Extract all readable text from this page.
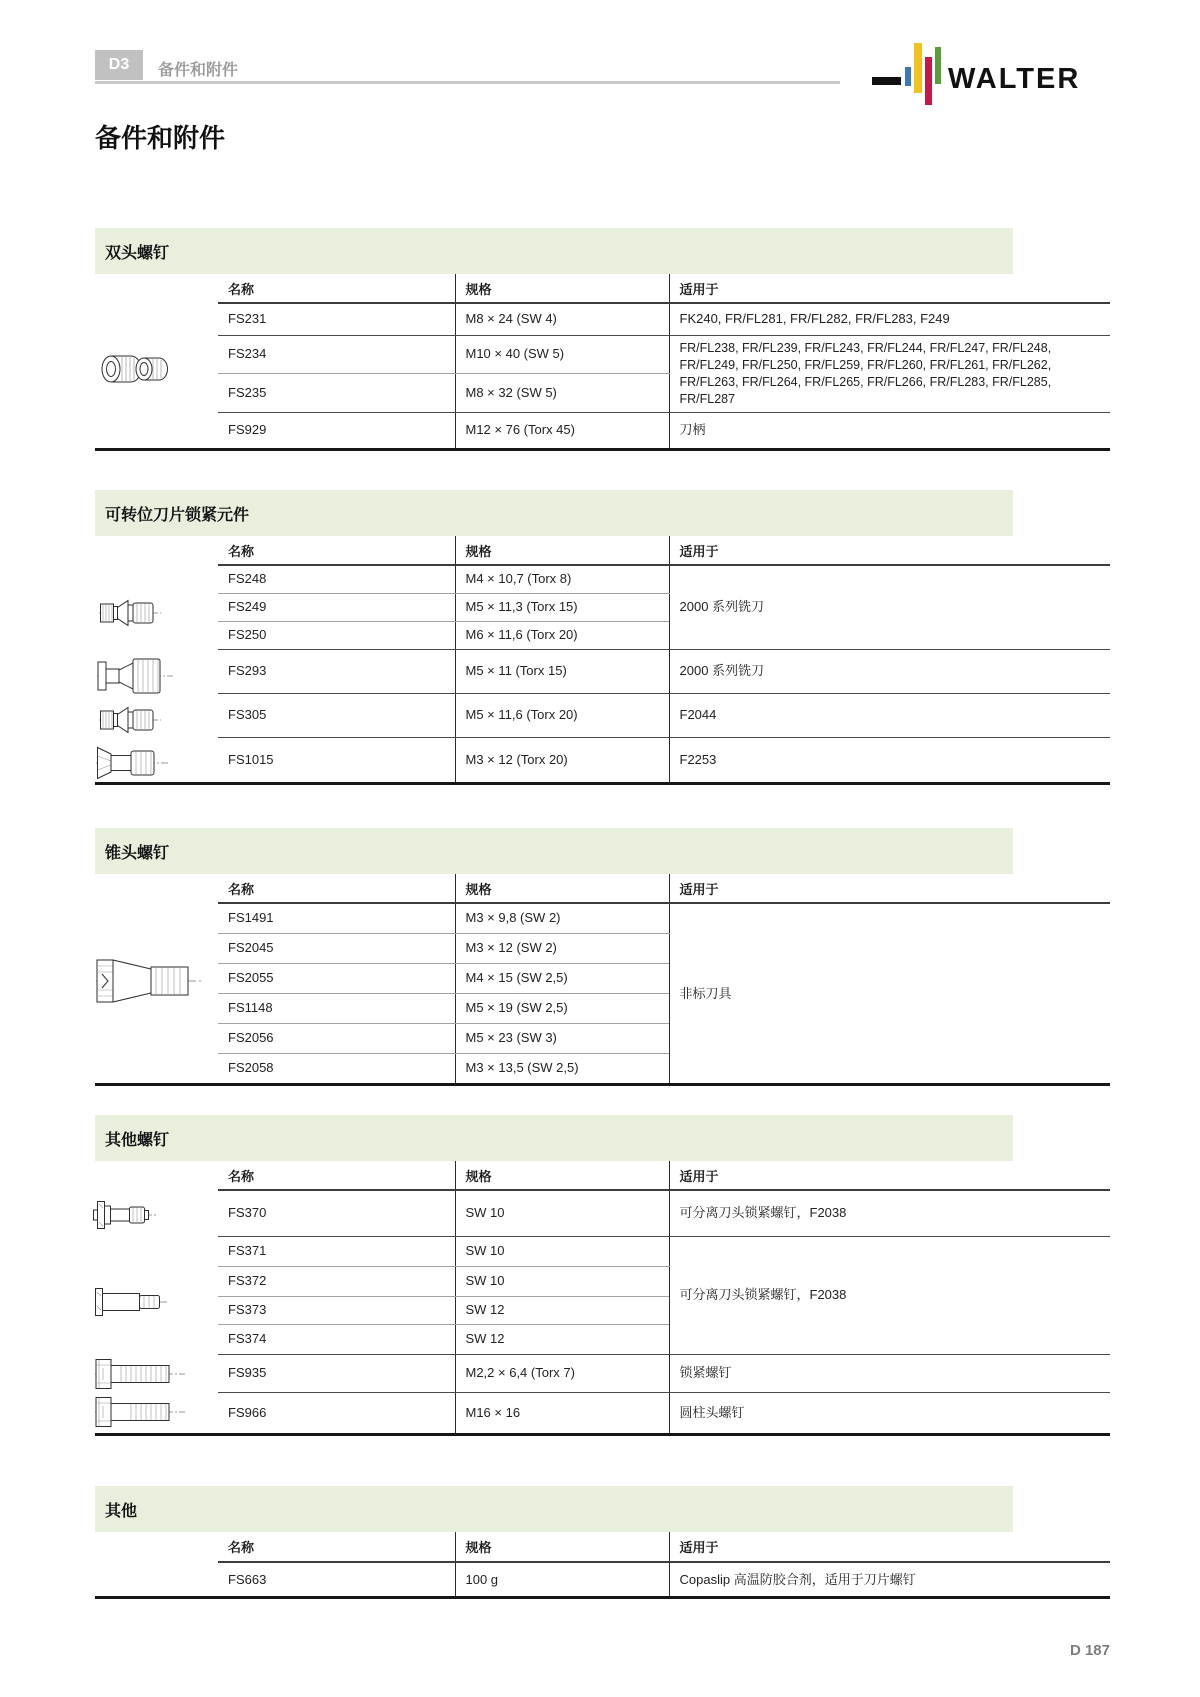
D3	备件和附件	WALTER
备件和附件
双头螺钉
名称	规格	适用于
FS231	M8 × 24 (SW 4)	FK240, FR/FL281, FR/FL282, FR/FL283, F249
FS234	M10 × 40 (SW 5)	FR/FL238, FR/FL239, FR/FL243, FR/FL244, FR/FL247, FR/FL248, FR/FL249, FR/FL250, FR/FL259, FR/FL260, FR/FL261, FR/FL262, FR/FL263, FR/FL264, FR/FL265, FR/FL266, FR/FL283, FR/FL285, FR/FL287
FS235	M8 × 32 (SW 5)	
FS929	M12 × 76 (Torx 45)	刀柄
可转位刀片锁紧元件
名称	规格	适用于
FS248	M4 × 10,7 (Torx 8)	2000 系列铣刀
FS249	M5 × 11,3 (Torx 15)	
FS250	M6 × 11,6 (Torx 20)	
FS293	M5 × 11 (Torx 15)	2000 系列铣刀
FS305	M5 × 11,6 (Torx 20)	F2044
FS1015	M3 × 12 (Torx 20)	F2253
锥头螺钉
名称	规格	适用于
FS1491	M3 × 9,8 (SW 2)	非标刀具
FS2045	M3 × 12 (SW 2)	
FS2055	M4 × 15 (SW 2,5)	
FS1148	M5 × 19 (SW 2,5)	
FS2056	M5 × 23 (SW 3)	
FS2058	M3 × 13,5 (SW 2,5)	
其他螺钉
名称	规格	适用于
FS370	SW 10	可分离刀头锁紧螺钉，F2038
FS371	SW 10	可分离刀头锁紧螺钉，F2038
FS372	SW 10	
FS373	SW 12	
FS374	SW 12	
FS935	M2,2 × 6,4 (Torx 7)	锁紧螺钉
FS966	M16 × 16	圆柱头螺钉
其他
名称	规格	适用于
FS663	100 g	Copaslip 高温防胶合剂，适用于刀片螺钉
D 187
